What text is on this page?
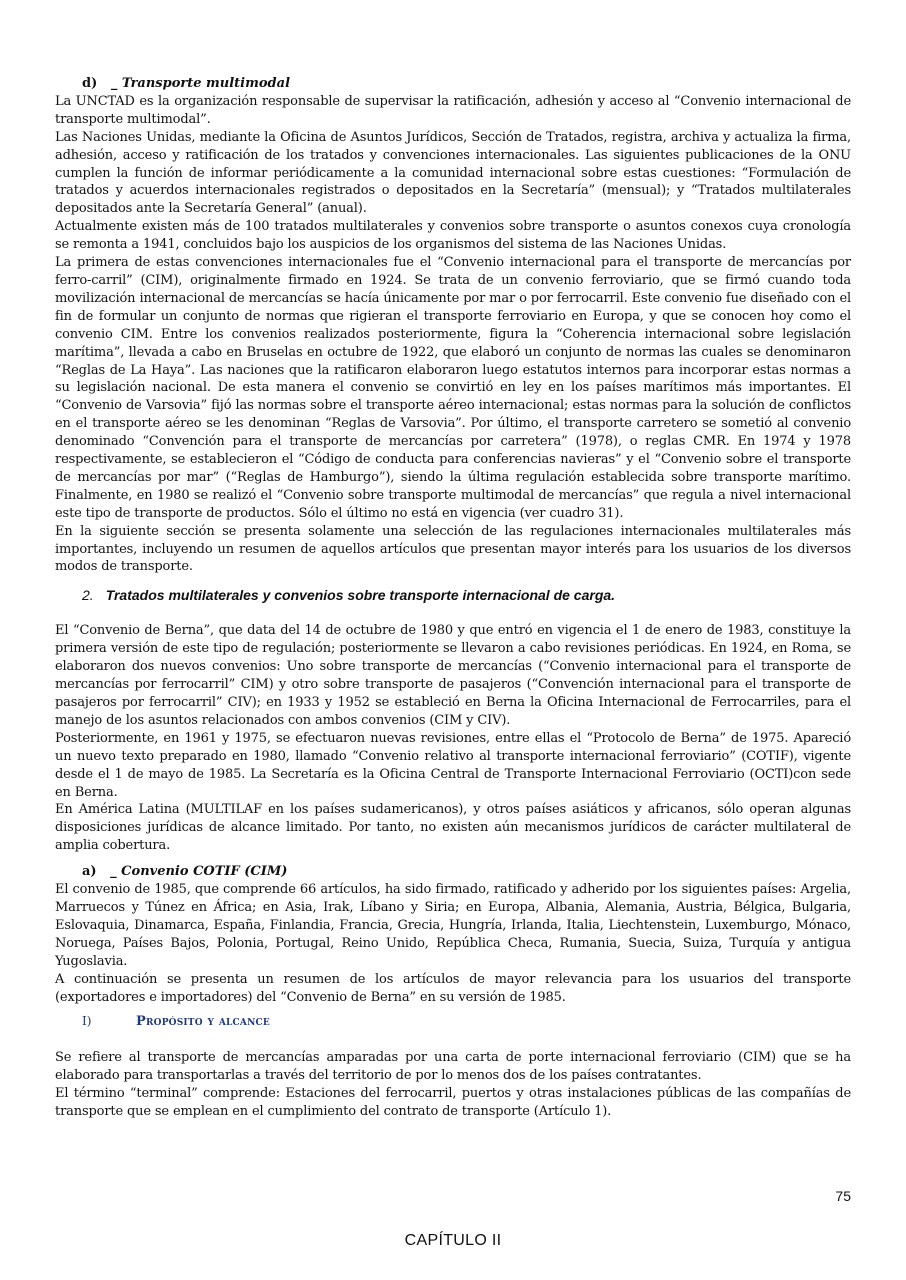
d) _ Transporte multimodal

La UNCTAD es la organización responsable de supervisar la ratificación, adhesión y acceso al “Convenio internacional de transporte multimodal”.

Las Naciones Unidas, mediante la Oficina de Asuntos Jurídicos, Sección de Tratados, registra, archiva y actualiza la firma, adhesión, acceso y ratificación de los tratados y convenciones internacionales. Las siguientes publicaciones de la ONU cumplen la función de informar periódicamente a la comunidad internacional sobre estas cuestiones: “Formulación de tratados y acuerdos internacionales registrados o depositados en la Secretaría” (mensual); y “Tratados multilaterales depositados ante la Secretaría General” (anual).

Actualmente existen más de 100 tratados multilaterales y convenios sobre transporte o asuntos conexos cuya cronología se remonta a 1941, concluidos bajo los auspicios de los organismos del sistema de las Naciones Unidas.

La primera de estas convenciones internacionales fue el “Convenio internacional para el transporte de mercancías por ferro-carril” (CIM), originalmente firmado en 1924. Se trata de un convenio ferroviario, que se firmó cuando toda movilización internacional de mercancías se hacía únicamente por mar o por ferrocarril. Este convenio fue diseñado con el fin de formular un conjunto de normas que rigieran el transporte ferroviario en Europa, y que se conocen hoy como el convenio CIM. Entre los convenios realizados posteriormente, figura la “Coherencia internacional sobre legislación marítima”, llevada a cabo en Bruselas en octubre de 1922, que elaboró un conjunto de normas las cuales se denominaron “Reglas de La Haya”. Las naciones que la ratificaron elaboraron luego estatutos internos para incorporar estas normas a su legislación nacional. De esta manera el convenio se convirtió en ley en los países marítimos más importantes. El “Convenio de Varsovia” fijó las normas sobre el transporte aéreo internacional; estas normas para la solución de conflictos en el transporte aéreo se les denominan “Reglas de Varsovia”. Por último, el transporte carretero se sometió al convenio denominado “Convención para el transporte de mercancías por carretera” (1978), o reglas CMR. En 1974 y 1978 respectivamente, se establecieron el “Código de conducta para conferencias navieras” y el “Convenio sobre el transporte de mercancías por mar” (“Reglas de Hamburgo”), siendo la última regulación establecida sobre transporte marítimo. Finalmente, en 1980 se realizó el “Convenio sobre transporte multimodal de mercancías” que regula a nivel internacional este tipo de transporte de productos. Sólo el último no está en vigencia (ver cuadro 31).

En la siguiente sección se presenta solamente una selección de las regulaciones internacionales multilaterales más importantes, incluyendo un resumen de aquellos artículos que presentan mayor interés para los usuarios de los diversos modos de transporte.

2. Tratados multilaterales y convenios sobre transporte internacional de carga.

El “Convenio de Berna”, que data del 14 de octubre de 1980 y que entró en vigencia el 1 de enero de 1983, constituye la primera versión de este tipo de regulación; posteriormente se llevaron a cabo revisiones periódicas. En 1924, en Roma, se elaboraron dos nuevos convenios: Uno sobre transporte de mercancías (“Convenio internacional para el transporte de mercancías por ferrocarril” CIM) y otro sobre transporte de pasajeros (“Convención internacional para el transporte de pasajeros por ferrocarril” CIV); en 1933 y 1952 se estableció en Berna la Oficina Internacional de Ferrocarriles, para el manejo de los asuntos relacionados con ambos convenios (CIM y CIV).

Posteriormente, en 1961 y 1975, se efectuaron nuevas revisiones, entre ellas el “Protocolo de Berna” de 1975. Apareció un nuevo texto preparado en 1980, llamado “Convenio relativo al transporte internacional ferroviario” (COTIF), vigente desde el 1 de mayo de 1985. La Secretaría es la Oficina Central de Transporte Internacional Ferroviario (OCTI)con sede en Berna.

En América Latina (MULTILAF en los países sudamericanos), y otros países asiáticos y africanos, sólo operan algunas disposiciones jurídicas de alcance limitado. Por tanto, no existen aún mecanismos jurídicos de carácter multilateral de amplia cobertura.

a) _ Convenio COTIF (CIM)

El convenio de 1985, que comprende 66 artículos, ha sido firmado, ratificado y adherido por los siguientes países: Argelia, Marruecos y Túnez en África; en Asia, Irak, Líbano y Siria; en Europa, Albania, Alemania, Austria, Bélgica, Bulgaria, Eslovaquia, Dinamarca, España, Finlandia, Francia, Grecia, Hungría, Irlanda, Italia, Liechtenstein, Luxemburgo, Mónaco, Noruega, Países Bajos, Polonia, Portugal, Reino Unido, República Checa, Rumania, Suecia, Suiza, Turquía y antigua Yugoslavia.

A continuación se presenta un resumen de los artículos de mayor relevancia para los usuarios del transporte (exportadores e importadores) del “Convenio de Berna” en su versión de 1985.

I)	Propósito y alcance

Se refiere al transporte de mercancías amparadas por una carta de porte internacional ferroviario (CIM) que se ha elaborado para transportarlas a través del territorio de por lo menos dos de los países contratantes.

El término “terminal” comprende: Estaciones del ferrocarril, puertos y otras instalaciones públicas de las compañías de transporte que se emplean en el cumplimiento del contrato de transporte (Artículo 1).

75
CAPÍTULO II
